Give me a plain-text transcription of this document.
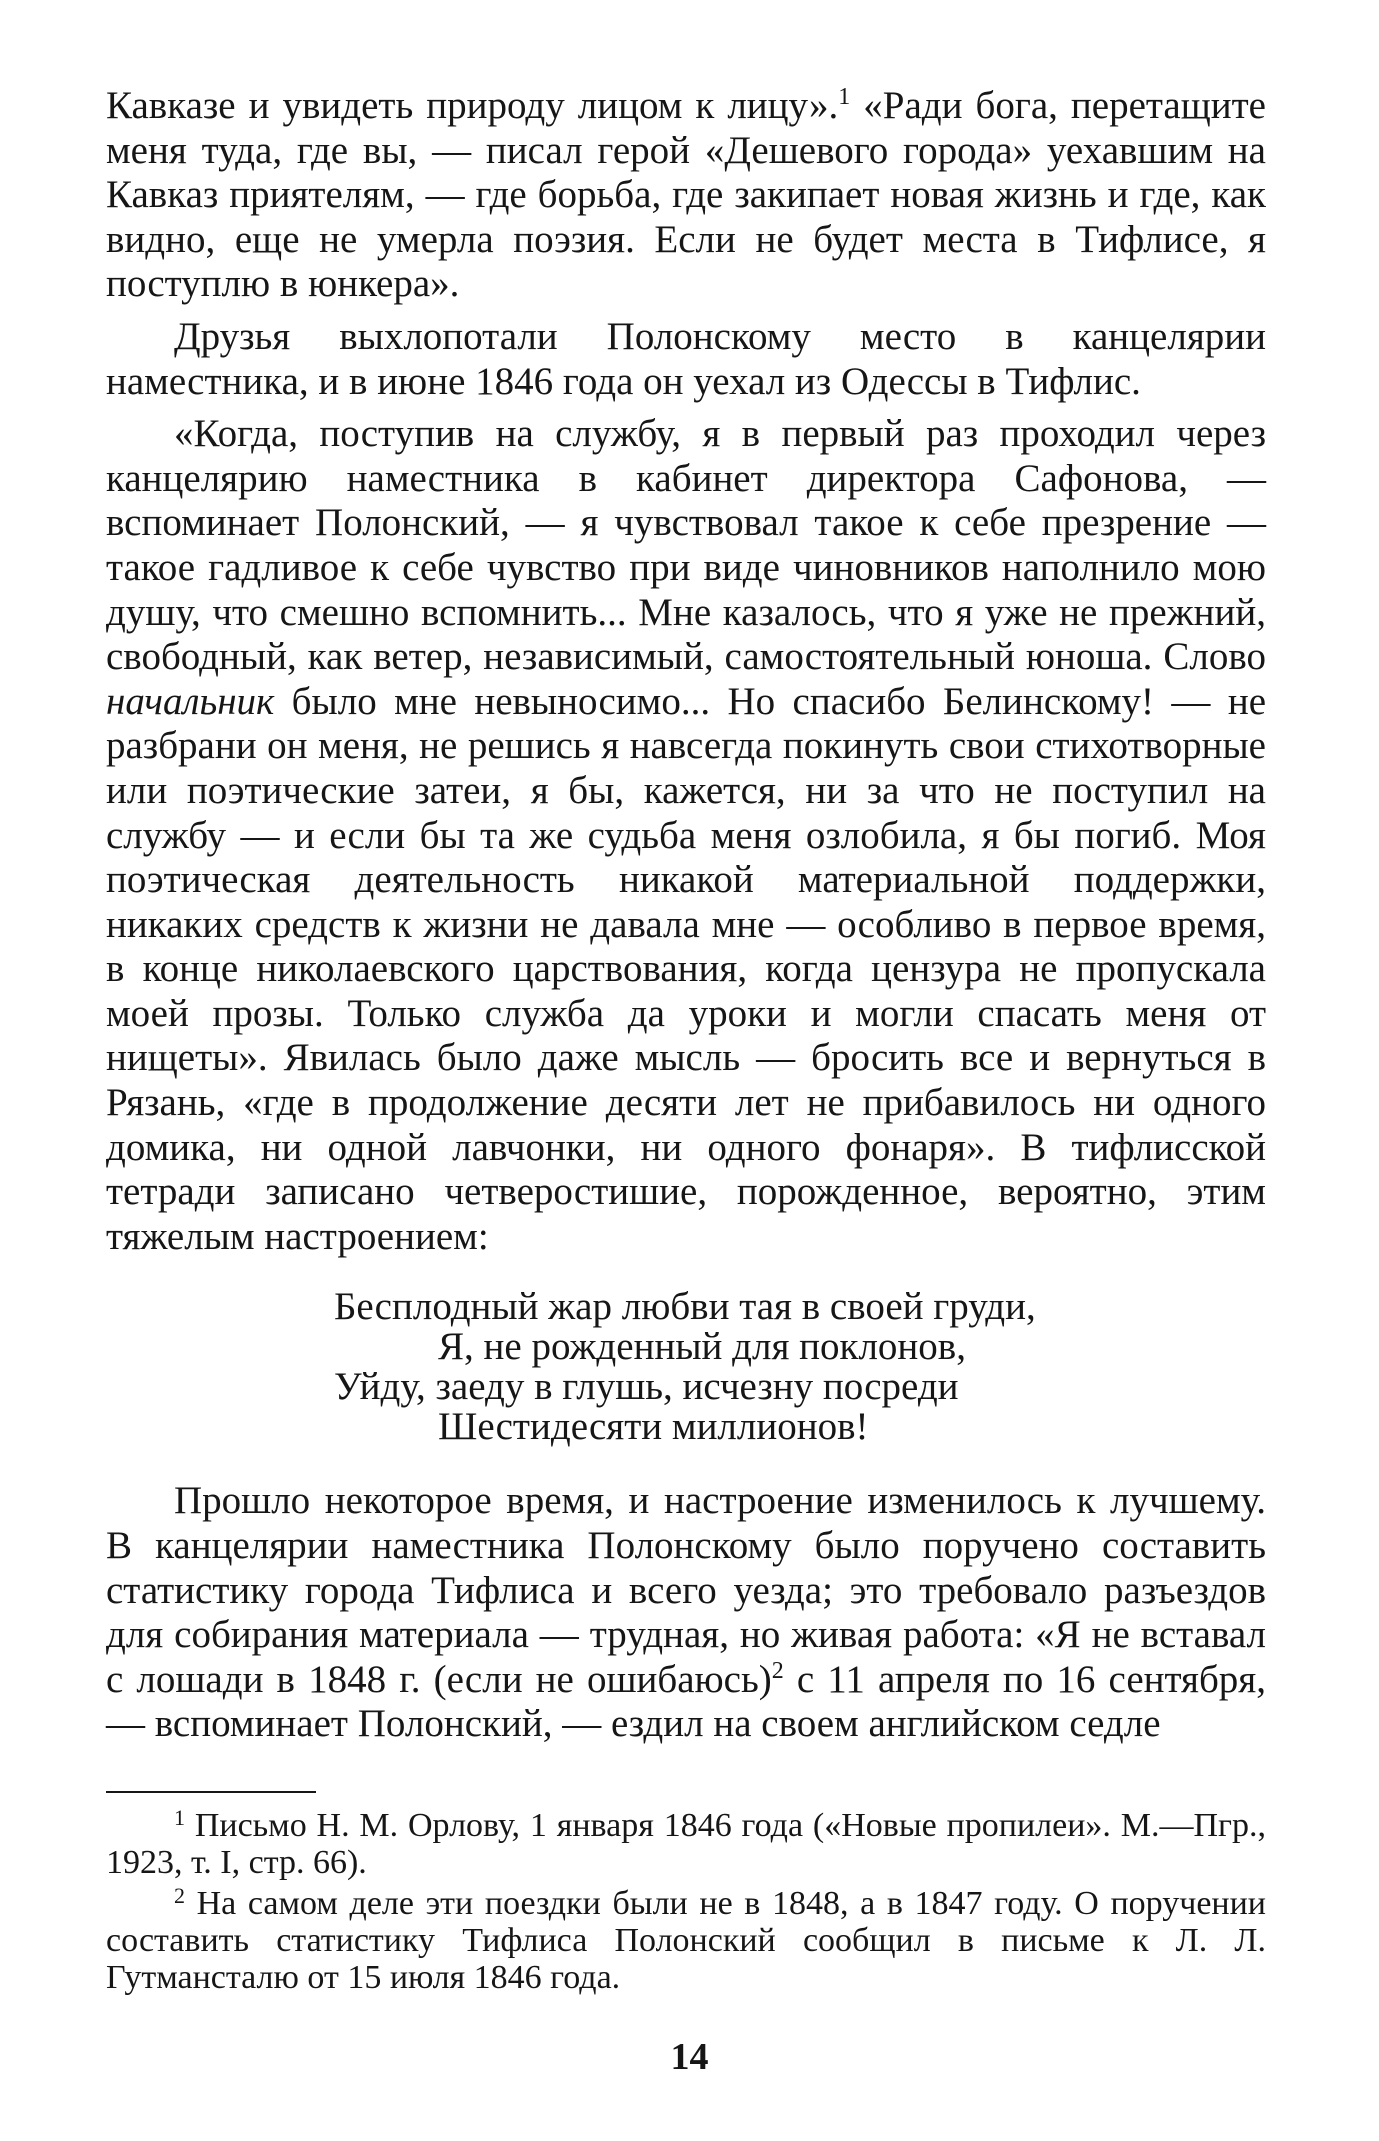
Кавказе и увидеть природу лицом к лицу».$^1$ «Ради бога, перетащите меня туда, где вы, — писал герой «Дешевого города» уехавшим на Кавказ приятелям, — где борьба, где закипает новая жизнь и где, как видно, еще не умерла поэзия. Если не будет места в Тифлисе, я поступлю в юнкера».

Друзья выхлопотали Полонскому место в канцелярии наместника, и в июне 1846 года он уехал из Одессы в Тифлис.

«Когда, поступив на службу, я в первый раз проходил через канцелярию наместника в кабинет директора Сафонова, — вспоминает Полонский, — я чувствовал такое к себе презрение — такое гадливое к себе чувство при виде чиновников наполнило мою душу, что смешно вспомнить... Мне казалось, что я уже не прежний, свободный, как ветер, независимый, самостоятельный юноша. Слово начальник было мне невыносимо... Но спасибо Белинскому! — не разбрани он меня, не решись я навсегда покинуть свои стихотворные или поэтические затеи, я бы, кажется, ни за что не поступил на службу — и если бы та же судьба меня озлобила, я бы погиб. Моя поэтическая деятельность никакой материальной поддержки, никаких средств к жизни не давала мне — особливо в первое время, в конце николаевского царствования, когда цензура не пропускала моей прозы. Только служба да уроки и могли спасать меня от нищеты». Явилась было даже мысль — бросить все и вернуться в Рязань, «где в продолжение десяти лет не прибавилось ни одного домика, ни одной лавчонки, ни одного фонаря». В тифлисской тетради записано четверостишие, порожденное, вероятно, этим тяжелым настроением:

Бесплодный жар любви тая в своей груди,
Я, не рожденный для поклонов,
Уйду, заеду в глушь, исчезну посреди
Шестидесяти миллионов!

Прошло некоторое время, и настроение изменилось к лучшему. В канцелярии наместника Полонскому было поручено составить статистику города Тифлиса и всего уезда; это требовало разъездов для собирания материала — трудная, но живая работа: «Я не вставал с лошади в 1848 г. (если не ошибаюсь)$^2$ с 11 апреля по 16 сентября, — вспоминает Полонский, — ездил на своем английском седле

$^1$ Письмо Н. М. Орлову, 1 января 1846 года («Новые пропилеи». М.—Пгр., 1923, т. I, стр. 66).

$^2$ На самом деле эти поездки были не в 1848, а в 1847 году. О поручении составить статистику Тифлиса Полонский сообщил в письме к Л. Л. Гутмансталю от 15 июля 1846 года.

14
